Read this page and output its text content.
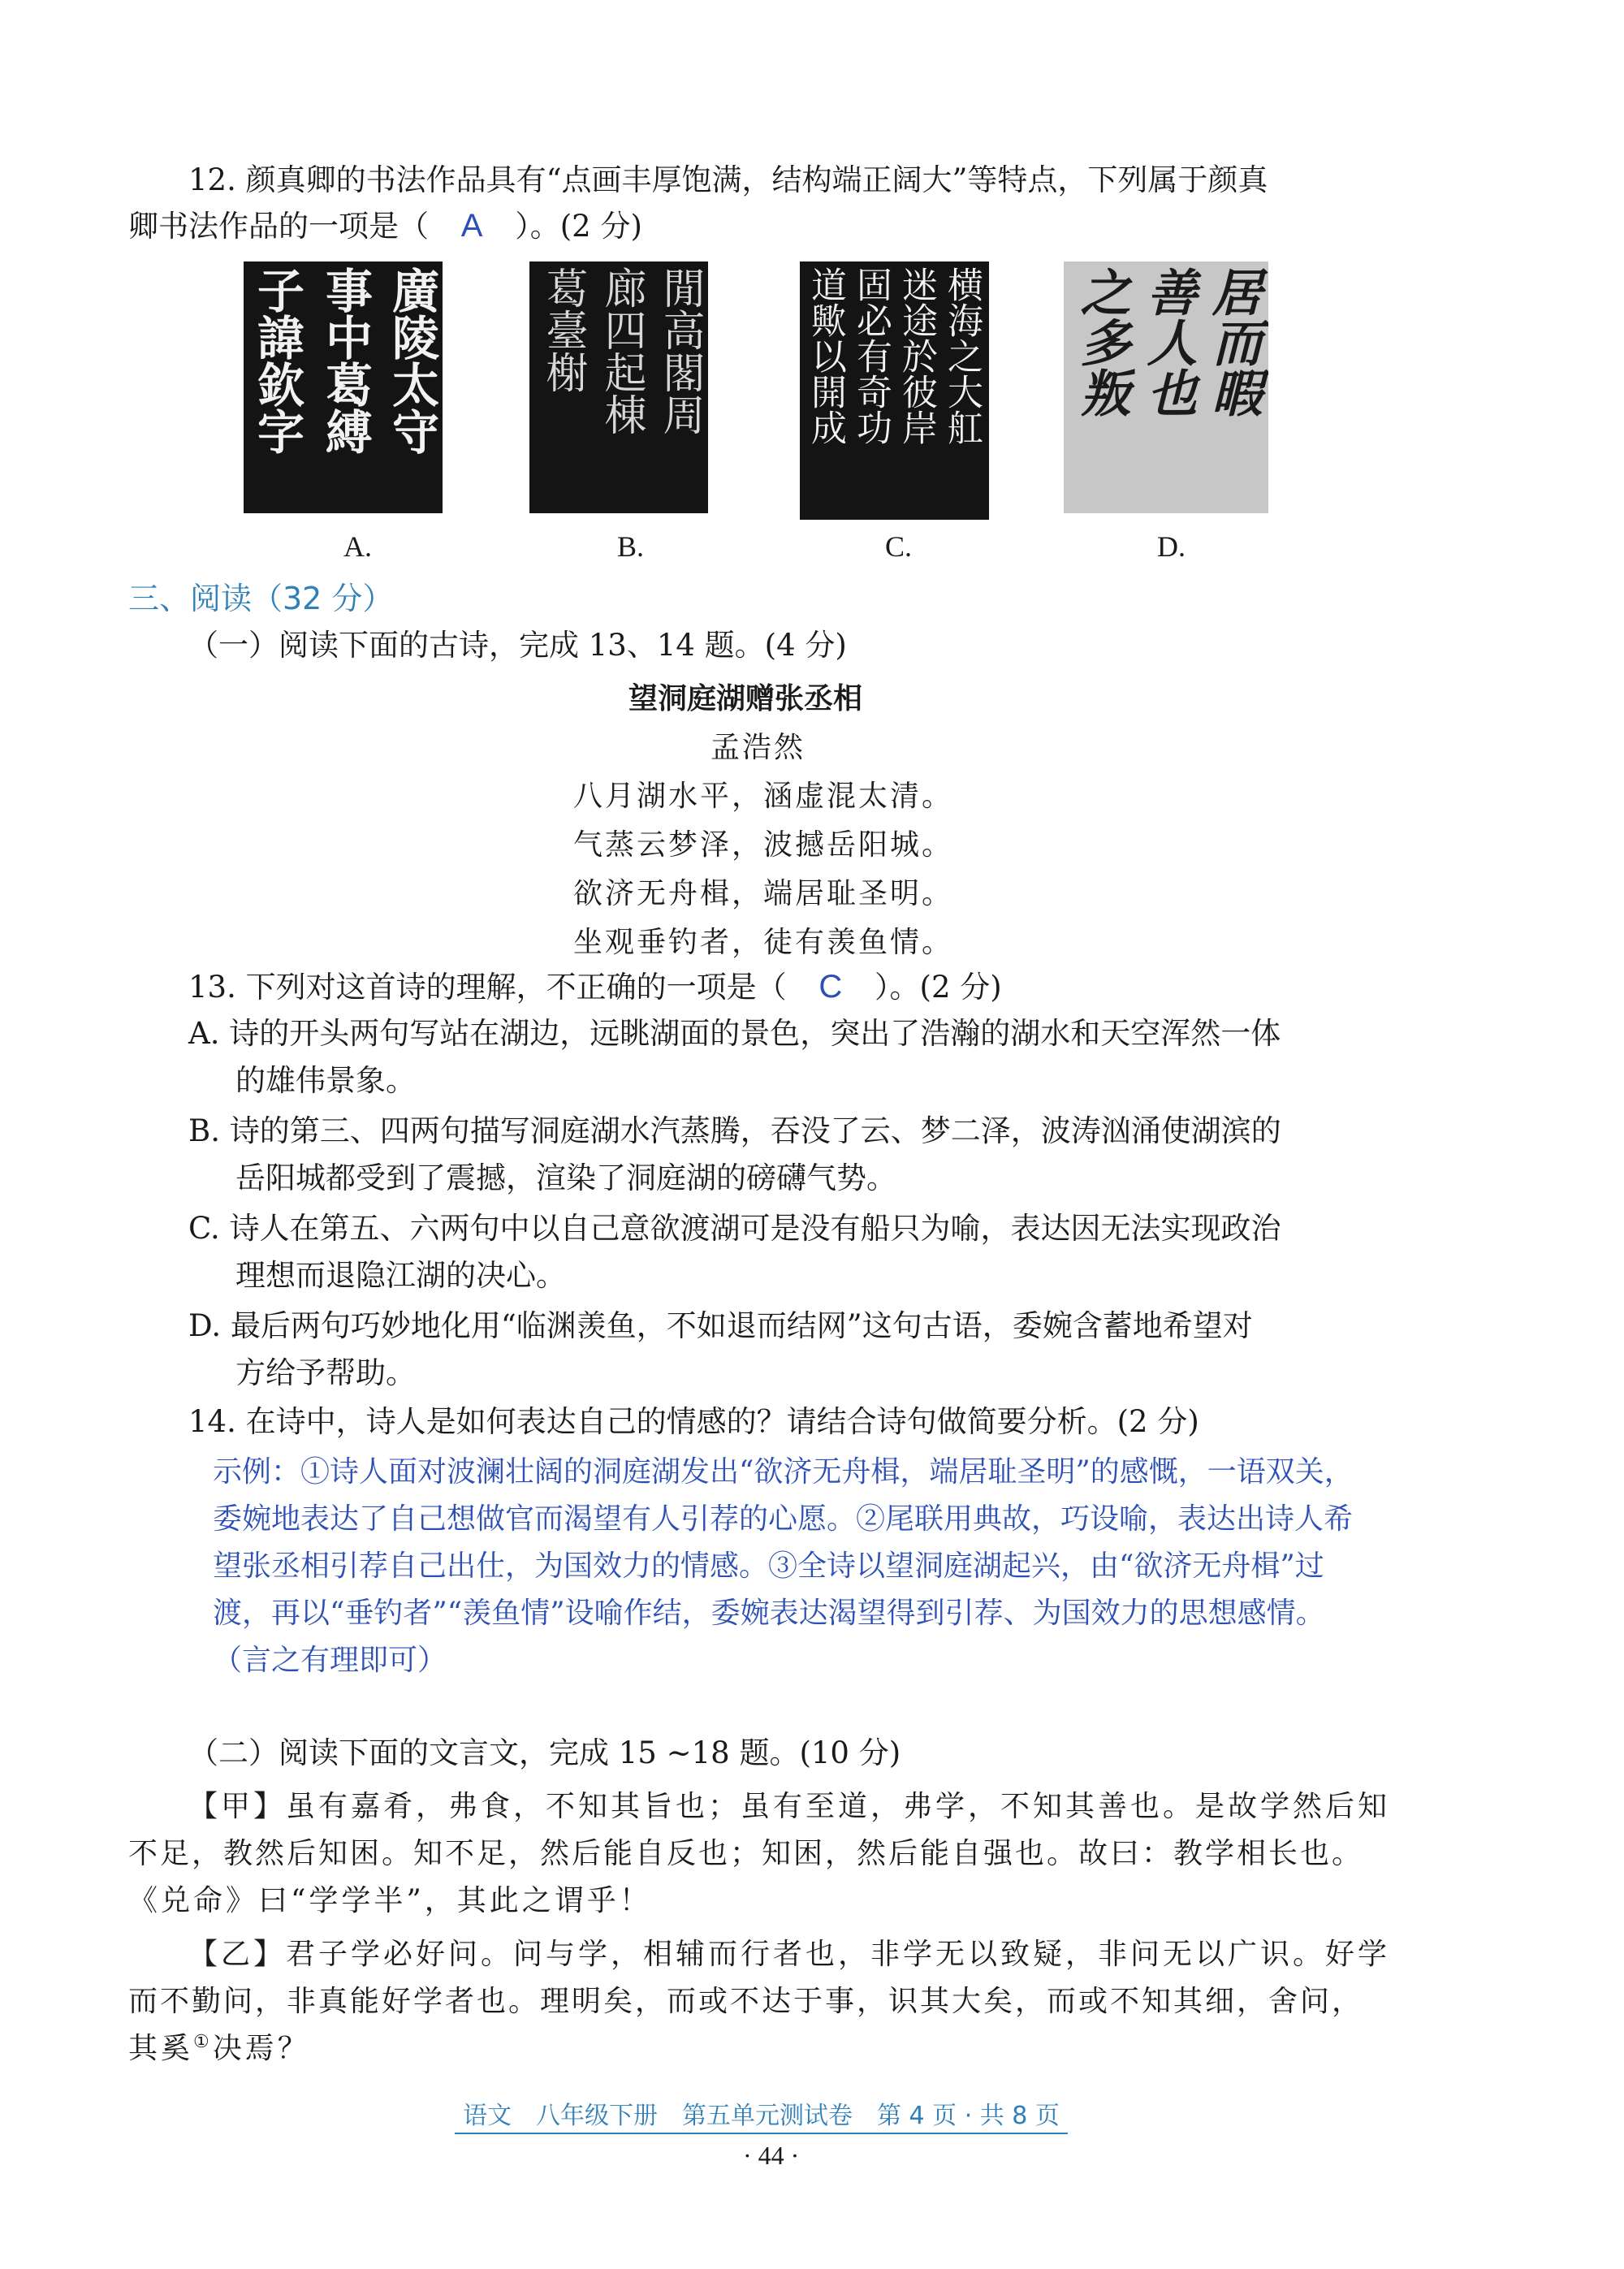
12. 颜真卿的书法作品具有“点画丰厚饱满，结构端正阔大”等特点，下列属于颜真
卿书法作品的一项是（ A ）。(2 分)
廣陵太守
事中葛縛
子諱欽字
A.
閒高閣周
廊四起棟
葛臺榭
B.
横海之大舡
迷途於彼岸
固必有奇功
道歟以開成
C.
居而暇
善人也
之多叛
D.
三、阅读（32 分）
（一）阅读下面的古诗，完成 13、14 题。(4 分)
望洞庭湖赠张丞相
孟浩然
八月湖水平，涵虚混太清。
气蒸云梦泽，波撼岳阳城。
欲济无舟楫，端居耻圣明。
坐观垂钓者，徒有羡鱼情。
13. 下列对这首诗的理解，不正确的一项是（ C ）。(2 分)
A. 诗的开头两句写站在湖边，远眺湖面的景色，突出了浩瀚的湖水和天空浑然一体
的雄伟景象。
B. 诗的第三、四两句描写洞庭湖水汽蒸腾，吞没了云、梦二泽，波涛汹涌使湖滨的
岳阳城都受到了震撼，渲染了洞庭湖的磅礴气势。
C. 诗人在第五、六两句中以自己意欲渡湖可是没有船只为喻，表达因无法实现政治
理想而退隐江湖的决心。
D. 最后两句巧妙地化用“临渊羡鱼，不如退而结网”这句古语，委婉含蓄地希望对
方给予帮助。
14. 在诗中，诗人是如何表达自己的情感的？请结合诗句做简要分析。(2 分)
示例：①诗人面对波澜壮阔的洞庭湖发出“欲济无舟楫，端居耻圣明”的感慨，一语双关，
委婉地表达了自己想做官而渴望有人引荐的心愿。②尾联用典故，巧设喻，表达出诗人希
望张丞相引荐自己出仕，为国效力的情感。③全诗以望洞庭湖起兴，由“欲济无舟楫”过
渡，再以“垂钓者”“羡鱼情”设喻作结，委婉表达渴望得到引荐、为国效力的思想感情。
（言之有理即可）
（二）阅读下面的文言文，完成 15 ~18 题。(10 分)
【甲】虽有嘉肴，弗食，不知其旨也；虽有至道，弗学，不知其善也。是故学然后知
不足，教然后知困。知不足，然后能自反也；知困，然后能自强也。故曰：教学相长也。
《兑命》曰“学学半”，其此之谓乎！
【乙】君子学必好问。问与学，相辅而行者也，非学无以致疑，非问无以广识。好学
而不勤问，非真能好学者也。理明矣，而或不达于事，识其大矣，而或不知其细，舍问，
其奚①决焉？
语文　八年级下册　第五单元测试卷　第 4 页 · 共 8 页
· 44 ·
